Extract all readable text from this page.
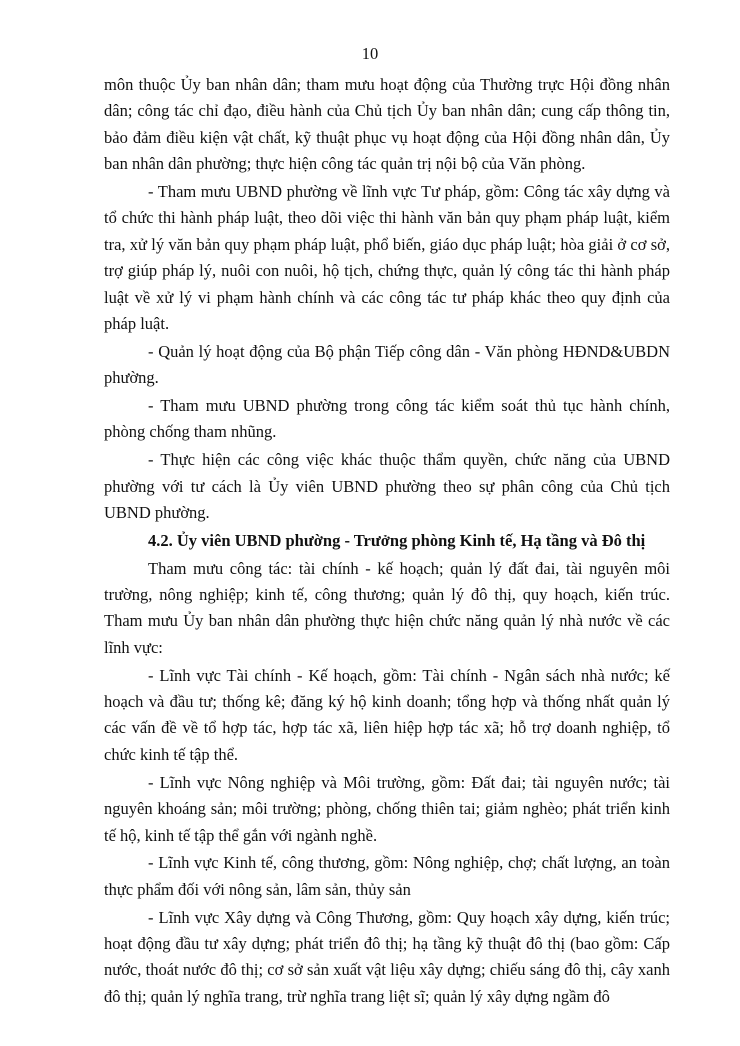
10

môn thuộc Ủy ban nhân dân; tham mưu hoạt động của Thường trực Hội đồng nhân dân; công tác chỉ đạo, điều hành của Chủ tịch Ủy ban nhân dân; cung cấp thông tin, bảo đảm điều kiện vật chất, kỹ thuật phục vụ hoạt động của Hội đồng nhân dân, Ủy ban nhân dân phường; thực hiện công tác quản trị nội bộ của Văn phòng.

- Tham mưu UBND phường về lĩnh vực Tư pháp, gồm: Công tác xây dựng và tổ chức thi hành pháp luật, theo dõi việc thi hành văn bản quy phạm pháp luật, kiểm tra, xử lý văn bản quy phạm pháp luật, phổ biến, giáo dục pháp luật; hòa giải ở cơ sở, trợ giúp pháp lý, nuôi con nuôi, hộ tịch, chứng thực, quản lý công tác thi hành pháp luật về xử lý vi phạm hành chính và các công tác tư pháp khác theo quy định của pháp luật.

- Quản lý hoạt động của Bộ phận Tiếp công dân - Văn phòng HĐND&UBDN phường.

- Tham mưu UBND phường trong công tác kiểm soát thủ tục hành chính, phòng chống tham nhũng.

- Thực hiện các công việc khác thuộc thẩm quyền, chức năng của UBND phường với tư cách là Ủy viên UBND phường theo sự phân công của Chủ tịch UBND phường.

4.2. Ủy viên UBND phường - Trưởng phòng Kinh tế, Hạ tầng và Đô thị

Tham mưu công tác: tài chính - kế hoạch; quản lý đất đai, tài nguyên môi trường, nông nghiệp; kinh tế, công thương; quản lý đô thị, quy hoạch, kiến trúc. Tham mưu Ủy ban nhân dân phường thực hiện chức năng quản lý nhà nước về các lĩnh vực:

- Lĩnh vực Tài chính - Kế hoạch, gồm: Tài chính - Ngân sách nhà nước; kế hoạch và đầu tư; thống kê; đăng ký hộ kinh doanh; tổng hợp và thống nhất quản lý các vấn đề về tổ hợp tác, hợp tác xã, liên hiệp hợp tác xã; hỗ trợ doanh nghiệp, tổ chức kinh tế tập thể.

- Lĩnh vực Nông nghiệp và Môi trường, gồm: Đất đai; tài nguyên nước; tài nguyên khoáng sản; môi trường; phòng, chống thiên tai; giảm nghèo; phát triển kinh tế hộ, kinh tế tập thể gắn với ngành nghề.

- Lĩnh vực Kinh tế, công thương, gồm: Nông nghiệp, chợ; chất lượng, an toàn thực phẩm đối với nông sản, lâm sản, thủy sản

- Lĩnh vực Xây dựng và Công Thương, gồm: Quy hoạch xây dựng, kiến trúc; hoạt động đầu tư xây dựng; phát triển đô thị; hạ tầng kỹ thuật đô thị (bao gồm: Cấp nước, thoát nước đô thị; cơ sở sản xuất vật liệu xây dựng; chiếu sáng đô thị, cây xanh đô thị; quản lý nghĩa trang, trừ nghĩa trang liệt sĩ; quản lý xây dựng ngầm đô
